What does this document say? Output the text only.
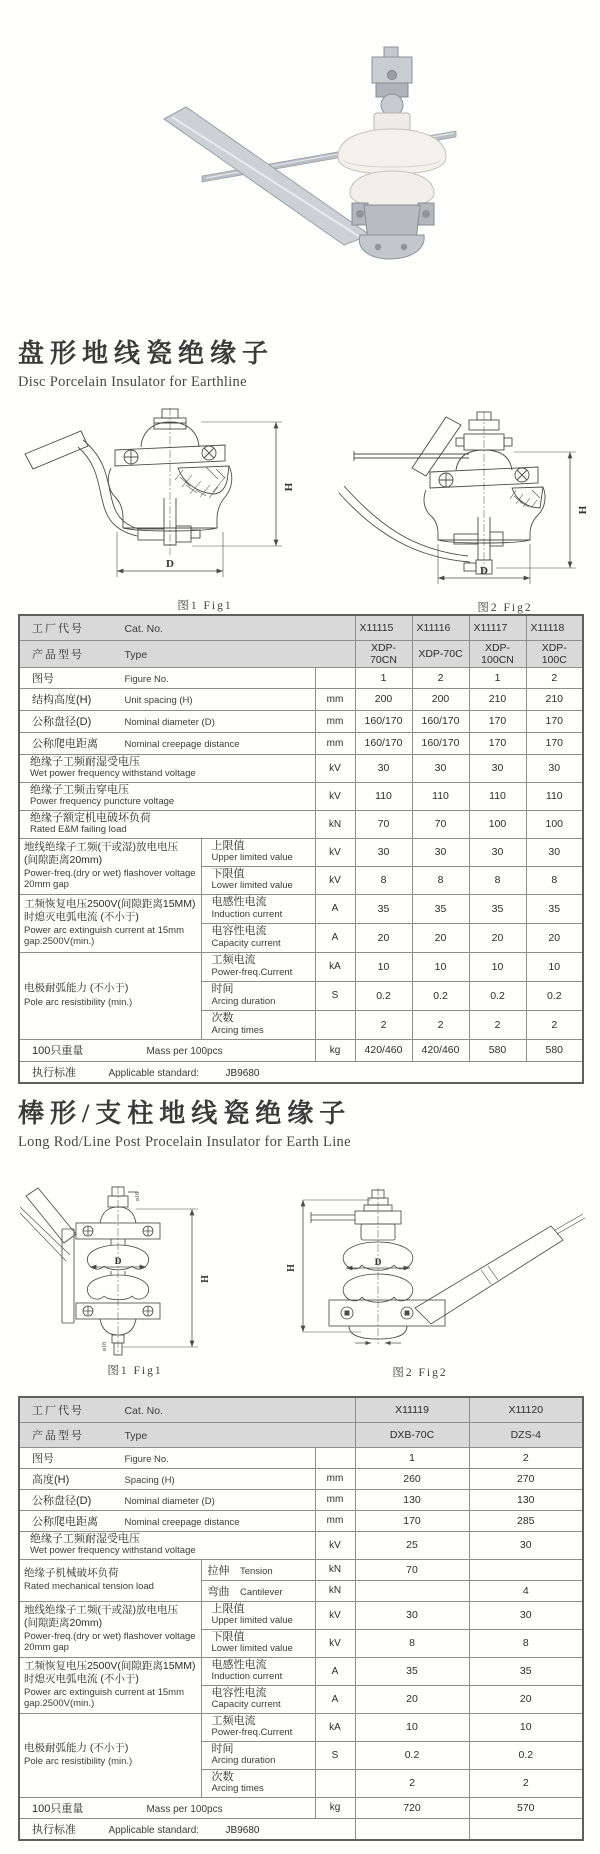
盘形地线瓷绝缘子
Disc Porcelain Insulator for Earthline
D
H
图1 Fig1
D
H
图2 Fig2
工厂代号 Cat. No.			X11115	X11116	X11117	X11118
产品型号 Type			XDP-70CN	XDP-70C	XDP-100CN	XDP-100C
图号 Figure No.			1	2	1	2
结构高度(H) Unit spacing (H)		mm	200	200	210	210
公称盘径(D) Nominal diameter (D)		mm	160/170	160/170	170	170
公称爬电距离 Nominal creepage distance		mm	160/170	160/170	170	170

绝缘子工频耐湿受电压
Wet power frequency withstand voltage		kV	30	30	30	30

绝缘子工频击穿电压
Power frequency puncture voltage		kV	110	110	110	110

绝缘子额定机电破坏负荷
Rated E&M failing load		kN	70	70	100	100

地线绝缘子工频(干或湿)放电电压
(间隙距离20mm)
Power-freq.(dry or wet) flashover voltage 20mm gap	上限值
Upper limited value	kV	30	30	30	30

	下限值
Lower limited value	kV	8	8	8	8

工频恢复电压2500V(间隙距离15MM)
时熄灭电弧电流 (不小于)
Power arc extinguish current at 15mm gap.2500V(min.)	电感性电流
Induction current	A	35	35	35	35

	电容性电流
Capacity current	A	20	20	20	20

电极耐弧能力 (不小于)
Pole arc resistibility (min.)	工频电流
Power-freq.Current	kA	10	10	10	10

	时间
Arcing duration	S	0.2	0.2	0.2	0.2

	次数
Arcing times		2	2	2	2
100只重量 Mass per 100pcs		kg	420/460	420/460	580	580
执行标准 Applicable standard: JB9680						
棒形/支柱地线瓷绝缘子
Long Rod/Line Post Procelain Insulator for Earth Line
D
H
ø16
ø18
图1 Fig1
D
H
图2 Fig2
工厂代号 Cat. No.			X11119	X11120
产品型号 Type			DXB-70C	DZS-4
图号 Figure No.			1	2
高度(H) Spacing (H)		mm	260	270
公称盘径(D) Nominal diameter (D)		mm	130	130
公称爬电距离 Nominal creepage distance		mm	170	285

绝缘子工频耐湿受电压
Wet power frequency withstand voltage		kV	25	30

绝缘子机械破坏负荷
Rated mechanical tension load	拉伸 Tension	kN	70	
	弯曲 Cantilever	kN		4

地线绝缘子工频(干或湿)放电电压
(间隙距离20mm)
Power-freq.(dry or wet) flashover voltage 20mm gap	上限值
Upper limited value	kV	30	30

	下限值
Lower limited value	kV	8	8

工频恢复电压2500V(间隙距离15MM)
时熄灭电弧电流 (不小于)
Power arc extinguish current at 15mm gap.2500V(min.)	电感性电流
Induction current	A	35	35

	电容性电流
Capacity current	A	20	20

电极耐弧能力 (不小于)
Pole arc resistibility (min.)	工频电流
Power-freq.Current	kA	10	10

	时间
Arcing duration	S	0.2	0.2

	次数
Arcing times		2	2
100只重量 Mass per 100pcs		kg	720	570
执行标准 Applicable standard: JB9680				
